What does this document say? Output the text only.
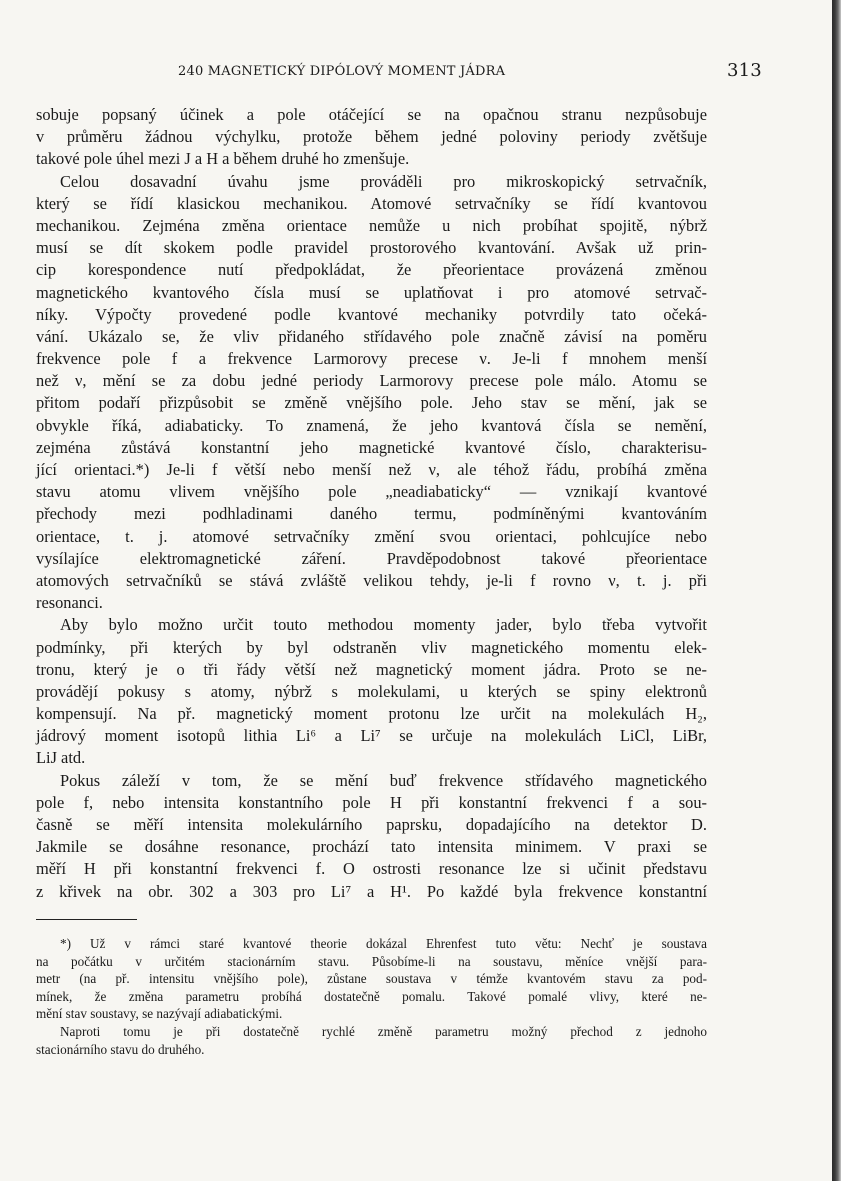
240 MAGNETICKÝ DIPÓLOVÝ MOMENT JÁDRA	313
sobuje popsaný účinek a pole otáčející se na opačnou stranu nezpůsobuje
v průměru žádnou výchylku, protože během jedné poloviny periody zvětšuje
takové pole úhel mezi J a H a během druhé ho zmenšuje.
Celou dosavadní úvahu jsme prováděli pro mikroskopický setrvačník,
který se řídí klasickou mechanikou. Atomové setrvačníky se řídí kvantovou
mechanikou. Zejména změna orientace nemůže u nich probíhat spojitě, nýbrž
musí se dít skokem podle pravidel prostorového kvantování. Avšak už prin-
cip korespondence nutí předpokládat, že přeorientace provázená změnou
magnetického kvantového čísla musí se uplatňovat i pro atomové setrvač-
níky. Výpočty provedené podle kvantové mechaniky potvrdily tato očeká-
vání. Ukázalo se, že vliv přidaného střídavého pole značně závisí na poměru
frekvence pole f a frekvence Larmorovy precese ν. Je-li f mnohem menší
než ν, mění se za dobu jedné periody Larmorovy precese pole málo. Atomu se
přitom podaří přizpůsobit se změně vnějšího pole. Jeho stav se mění, jak se
obvykle říká, adiabaticky. To znamená, že jeho kvantová čísla se nemění,
zejména zůstává konstantní jeho magnetické kvantové číslo, charakterisu-
jící orientaci.*) Je-li f větší nebo menší než ν, ale téhož řádu, probíhá změna
stavu atomu vlivem vnějšího pole „neadiabaticky“ — vznikají kvantové
přechody mezi podhladinami daného termu, podmíněnými kvantováním
orientace, t. j. atomové setrvačníky změní svou orientaci, pohlcujíce nebo
vysílajíce elektromagnetické záření. Pravděpodobnost takové přeorientace
atomových setrvačníků se stává zvláště velikou tehdy, je-li f rovno ν, t. j. při
resonanci.
Aby bylo možno určit touto methodou momenty jader, bylo třeba vytvořit
podmínky, při kterých by byl odstraněn vliv magnetického momentu elek-
tronu, který je o tři řády větší než magnetický moment jádra. Proto se ne-
provádějí pokusy s atomy, nýbrž s molekulami, u kterých se spiny elektronů
kompensují. Na př. magnetický moment protonu lze určit na molekulách H₂,
jádrový moment isotopů lithia Li⁶ a Li⁷ se určuje na molekulách LiCl, LiBr,
LiJ atd.
Pokus záleží v tom, že se mění buď frekvence střídavého magnetického
pole f, nebo intensita konstantního pole H při konstantní frekvenci f a sou-
časně se měří intensita molekulárního paprsku, dopadajícího na detektor D.
Jakmile se dosáhne resonance, prochází tato intensita minimem. V praxi se
měří H při konstantní frekvenci f. O ostrosti resonance lze si učinit představu
z křivek na obr. 302 a 303 pro Li⁷ a H¹. Po každé byla frekvence konstantní
*) Už v rámci staré kvantové theorie dokázal Ehrenfest tuto větu: Nechť je soustava
na počátku v určitém stacionárním stavu. Působíme-li na soustavu, měníce vnější para-
metr (na př. intensitu vnějšího pole), zůstane soustava v témže kvantovém stavu za pod-
mínek, že změna parametru probíhá dostatečně pomalu. Takové pomalé vlivy, které ne-
mění stav soustavy, se nazývají adiabatickými.
Naproti tomu je při dostatečně rychlé změně parametru možný přechod z jednoho
stacionárního stavu do druhého.
